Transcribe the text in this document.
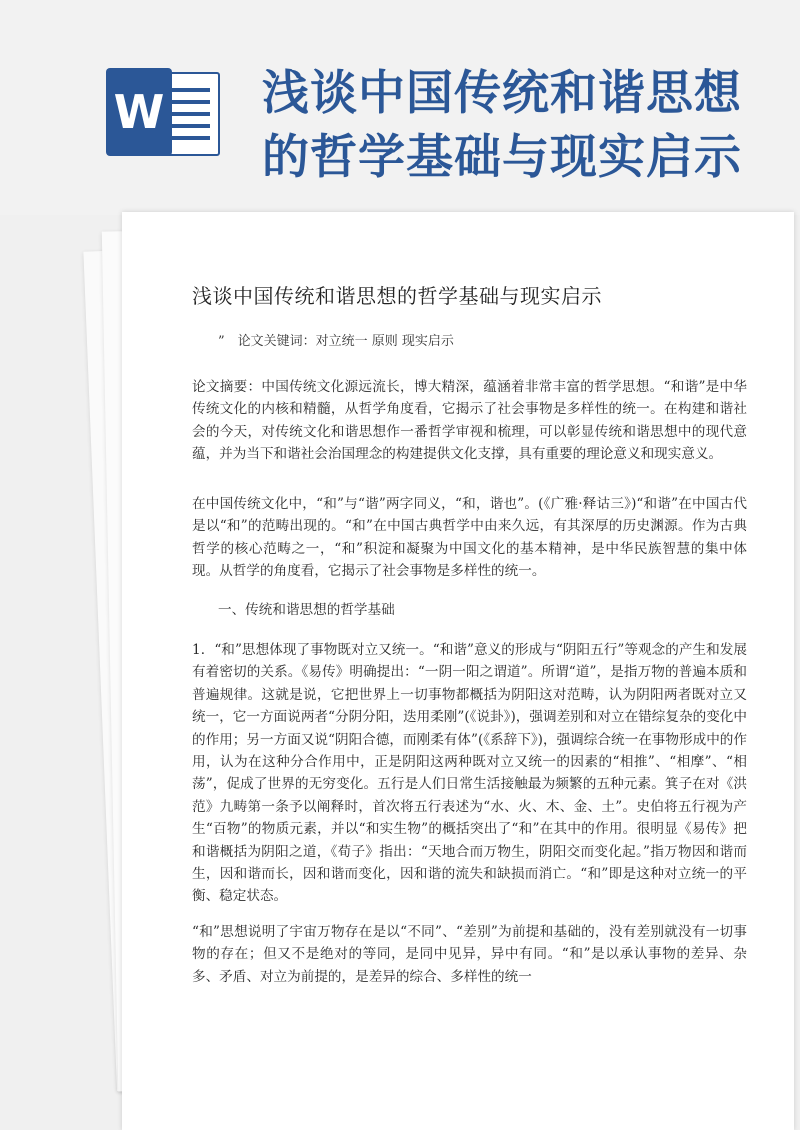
W 浅谈中国传统和谐思想
的哲学基础与现实启示
浅谈中国传统和谐思想的哲学基础与现实启示
”　论文关键词：对立统一 原则 现实启示

论文摘要：中国传统文化源远流长，博大精深，蕴涵着非常丰富的哲学思想。“和谐”是中华传统文化的内核和精髓，从哲学角度看，它揭示了社会事物是多样性的统一。在构建和谐社会的今天，对传统文化和谐思想作一番哲学审视和梳理，可以彰显传统和谐思想中的现代意蕴，并为当下和谐社会治国理念的构建提供文化支撑，具有重要的理论意义和现实意义。

在中国传统文化中，“和”与“谐”两字同义，“和，谐也”。(《广雅·释诂三》)“和谐”在中国古代是以“和”的范畴出现的。“和”在中国古典哲学中由来久远，有其深厚的历史渊源。作为古典哲学的核心范畴之一，“和”积淀和凝聚为中国文化的基本精神，是中华民族智慧的集中体现。从哲学的角度看，它揭示了社会事物是多样性的统一。

一、传统和谐思想的哲学基础

1．“和”思想体现了事物既对立又统一。“和谐”意义的形成与“阴阳五行”等观念的产生和发展有着密切的关系。《易传》明确提出：“一阴一阳之谓道”。所谓“道”，是指万物的普遍本质和普遍规律。这就是说，它把世界上一切事物都概括为阴阳这对范畴，认为阴阳两者既对立又统一，它一方面说两者“分阴分阳，迭用柔刚”(《说卦》)，强调差别和对立在错综复杂的变化中的作用；另一方面又说“阴阳合德，而刚柔有体”(《系辞下》)，强调综合统一在事物形成中的作用，认为在这种分合作用中，正是阴阳这两种既对立又统一的因素的“相推”、“相摩”、“相荡”，促成了世界的无穷变化。五行是人们日常生活接触最为频繁的五种元素。箕子在对《洪范》九畴第一条予以阐释时，首次将五行表述为“水、火、木、金、土”。史伯将五行视为产生“百物”的物质元素，并以“和实生物”的概括突出了“和”在其中的作用。很明显《易传》把和谐概括为阴阳之道，《荀子》指出：“天地合而万物生，阴阳交而变化起。”指万物因和谐而生，因和谐而长，因和谐而变化，因和谐的流失和缺损而消亡。“和”即是这种对立统一的平衡、稳定状态。

“和”思想说明了宇宙万物存在是以“不同”、“差别”为前提和基础的，没有差别就没有一切事物的存在；但又不是绝对的等同，是同中见异，异中有同。“和”是以承认事物的差异、杂多、矛盾、对立为前提的，是差异的综合、多样性的统一
